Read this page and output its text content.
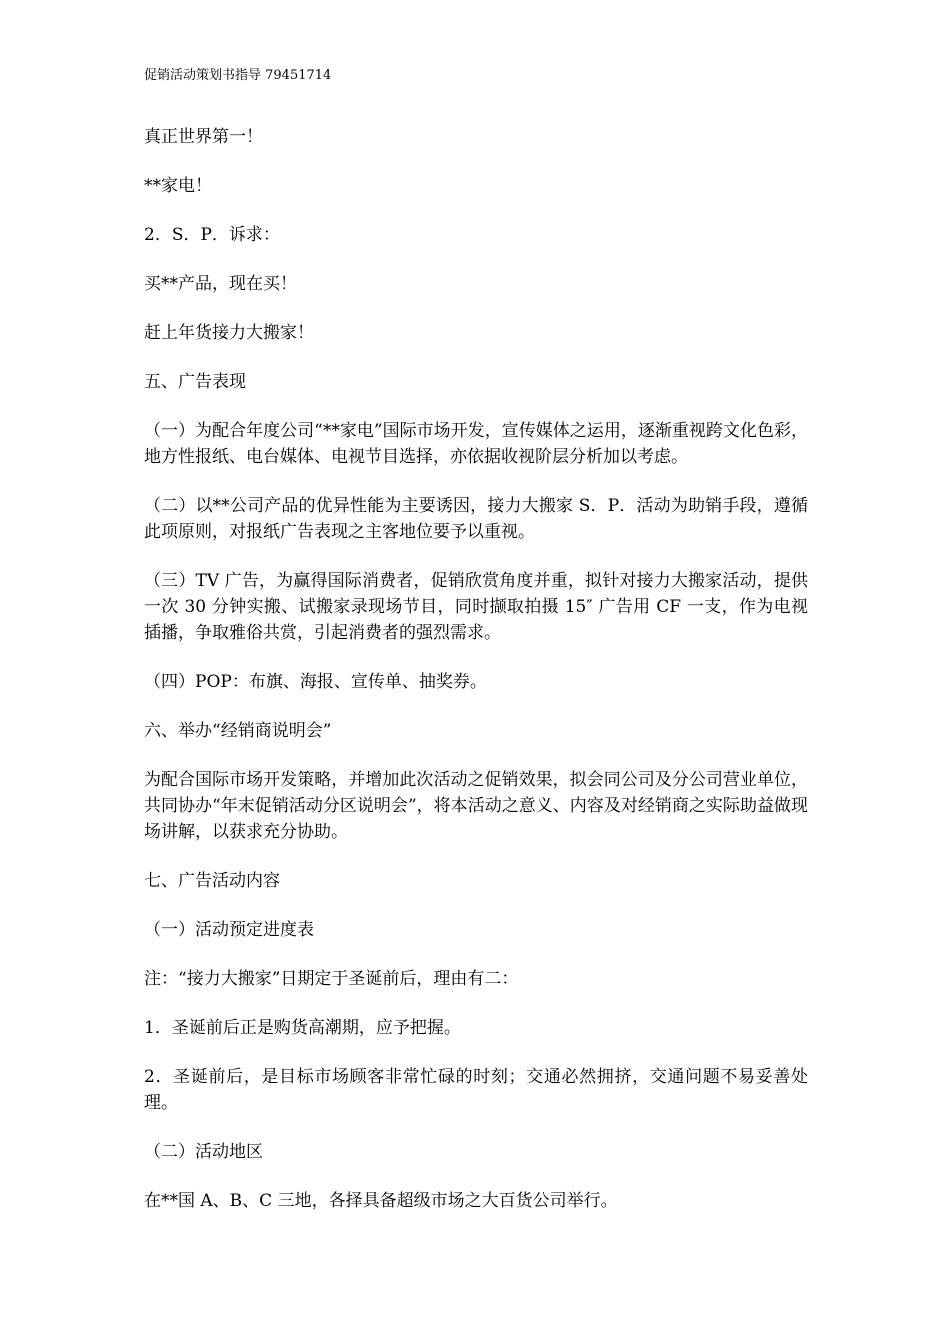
促销活动策划书指导 79451714

真正世界第一！

**家电！

2．S．P．诉求：

买**产品，现在买！

赶上年货接力大搬家！

五、广告表现

（一）为配合年度公司“**家电”国际市场开发，宣传媒体之运用，逐渐重视跨文化色彩，地方性报纸、电台媒体、电视节目选择，亦依据收视阶层分析加以考虑。

（二）以**公司产品的优异性能为主要诱因，接力大搬家 S．P．活动为助销手段，遵循此项原则，对报纸广告表现之主客地位要予以重视。

（三）TV 广告，为赢得国际消费者，促销欣赏角度并重，拟针对接力大搬家活动，提供一次 30 分钟实搬、试搬家录现场节目，同时撷取拍摄 15″ 广告用 CF 一支，作为电视插播，争取雅俗共赏，引起消费者的强烈需求。

（四）POP：布旗、海报、宣传单、抽奖券。

六、举办“经销商说明会”

为配合国际市场开发策略，并增加此次活动之促销效果，拟会同公司及分公司营业单位，共同协办“年末促销活动分区说明会”，将本活动之意义、内容及对经销商之实际助益做现场讲解，以获求充分协助。

七、广告活动内容

（一）活动预定进度表

注：“接力大搬家”日期定于圣诞前后，理由有二：

1．圣诞前后正是购货高潮期，应予把握。

2．圣诞前后，是目标市场顾客非常忙碌的时刻；交通必然拥挤，交通问题不易妥善处理。

（二）活动地区

在**国 A、B、C 三地，各择具备超级市场之大百货公司举行。
